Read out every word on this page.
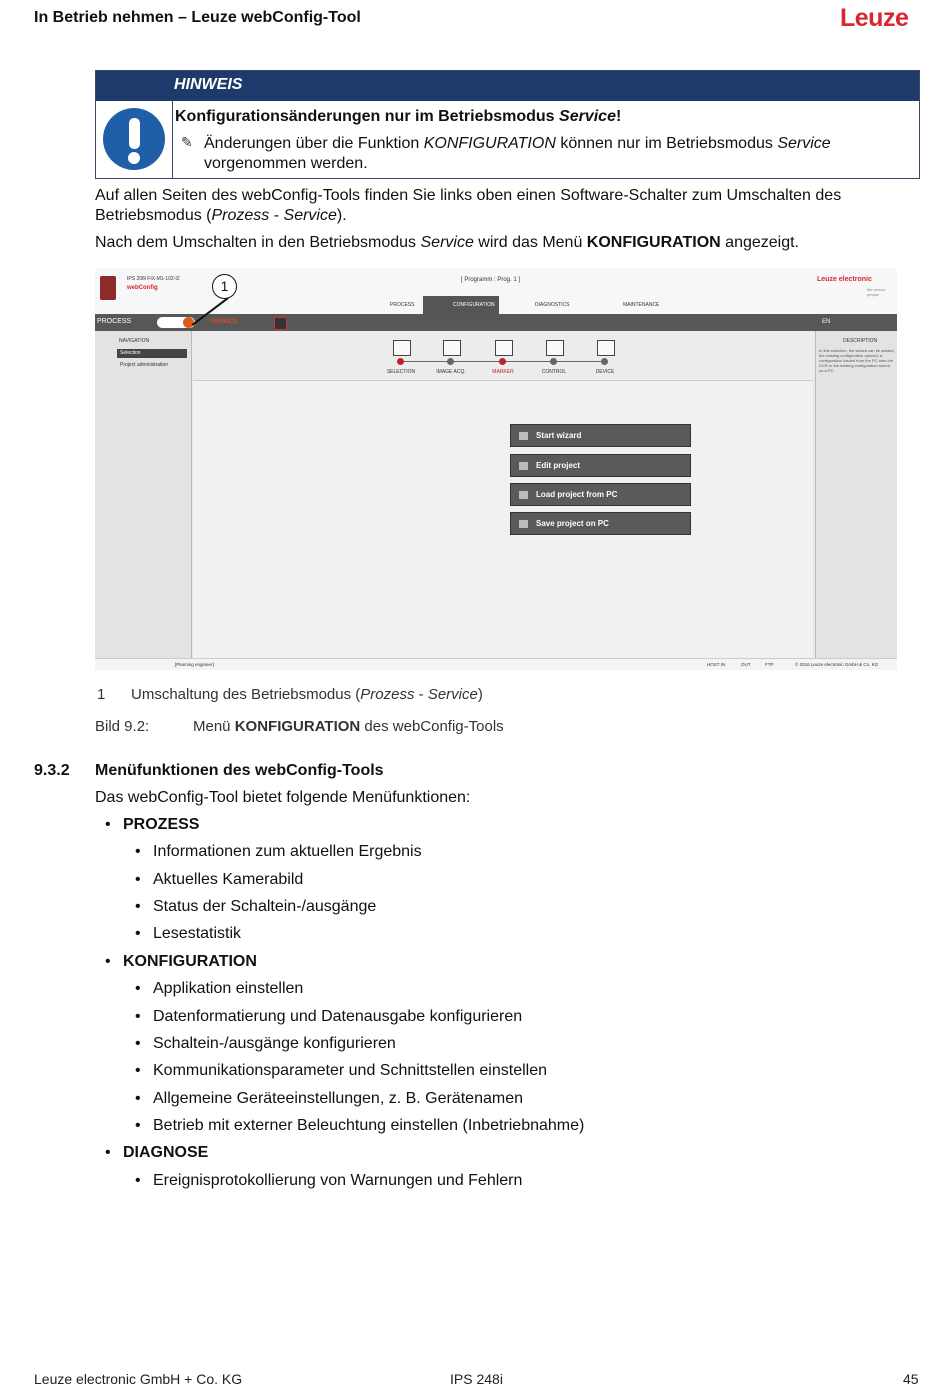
In Betrieb nehmen – Leuze webConfig-Tool	Leuze
HINWEIS
Konfigurationsänderungen nur im Betriebsmodus Service!
✎ Änderungen über die Funktion KONFIGURATION können nur im Betriebsmodus Service vorgenommen werden.
Auf allen Seiten des webConfig-Tools finden Sie links oben einen Software-Schalter zum Umschalten des Betriebsmodus (Prozess - Service).
Nach dem Umschalten in den Betriebsmodus Service wird das Menü KONFIGURATION angezeigt.
IPS 208i FIX-M1-102-I2
webConfig
[ Programm : Prog. 1 ]	Leuze electronic
the sensor people
PROCESS	CONFIGURATION	DIAGNOSTICS	MAINTENANCE
PROCESS	SERVICE	EN
NAVIGATION
Selection
Project administration
SELECTION	IMAGE ACQ.	MARKER	CONTROL	DEVICE
Start wizard
Edit project
Load project from PC
Save project on PC
DESCRIPTION
In this selection, the wizard can be started, the existing configuration opened, a configuration loaded from the PC onto the DCR or the existing configuration stored on a PC
[Planning engineer]	HOST IN	OUT	FTP	© 2016 Leuze electronic GmbH & Co. KG
1
1 Umschaltung des Betriebsmodus (Prozess - Service)
Bild 9.2:	Menü KONFIGURATION des webConfig-Tools
9.3.2 Menüfunktionen des webConfig-Tools
Das webConfig-Tool bietet folgende Menüfunktionen:
• PROZESS
• Informationen zum aktuellen Ergebnis
• Aktuelles Kamerabild
• Status der Schaltein-/ausgänge
• Lesestatistik
• KONFIGURATION
• Applikation einstellen
• Datenformatierung und Datenausgabe konfigurieren
• Schaltein-/ausgänge konfigurieren
• Kommunikationsparameter und Schnittstellen einstellen
• Allgemeine Geräteeinstellungen, z. B. Gerätenamen
• Betrieb mit externer Beleuchtung einstellen (Inbetriebnahme)
• DIAGNOSE
• Ereignisprotokollierung von Warnungen und Fehlern
Leuze electronic GmbH + Co. KG	IPS 248i	45
